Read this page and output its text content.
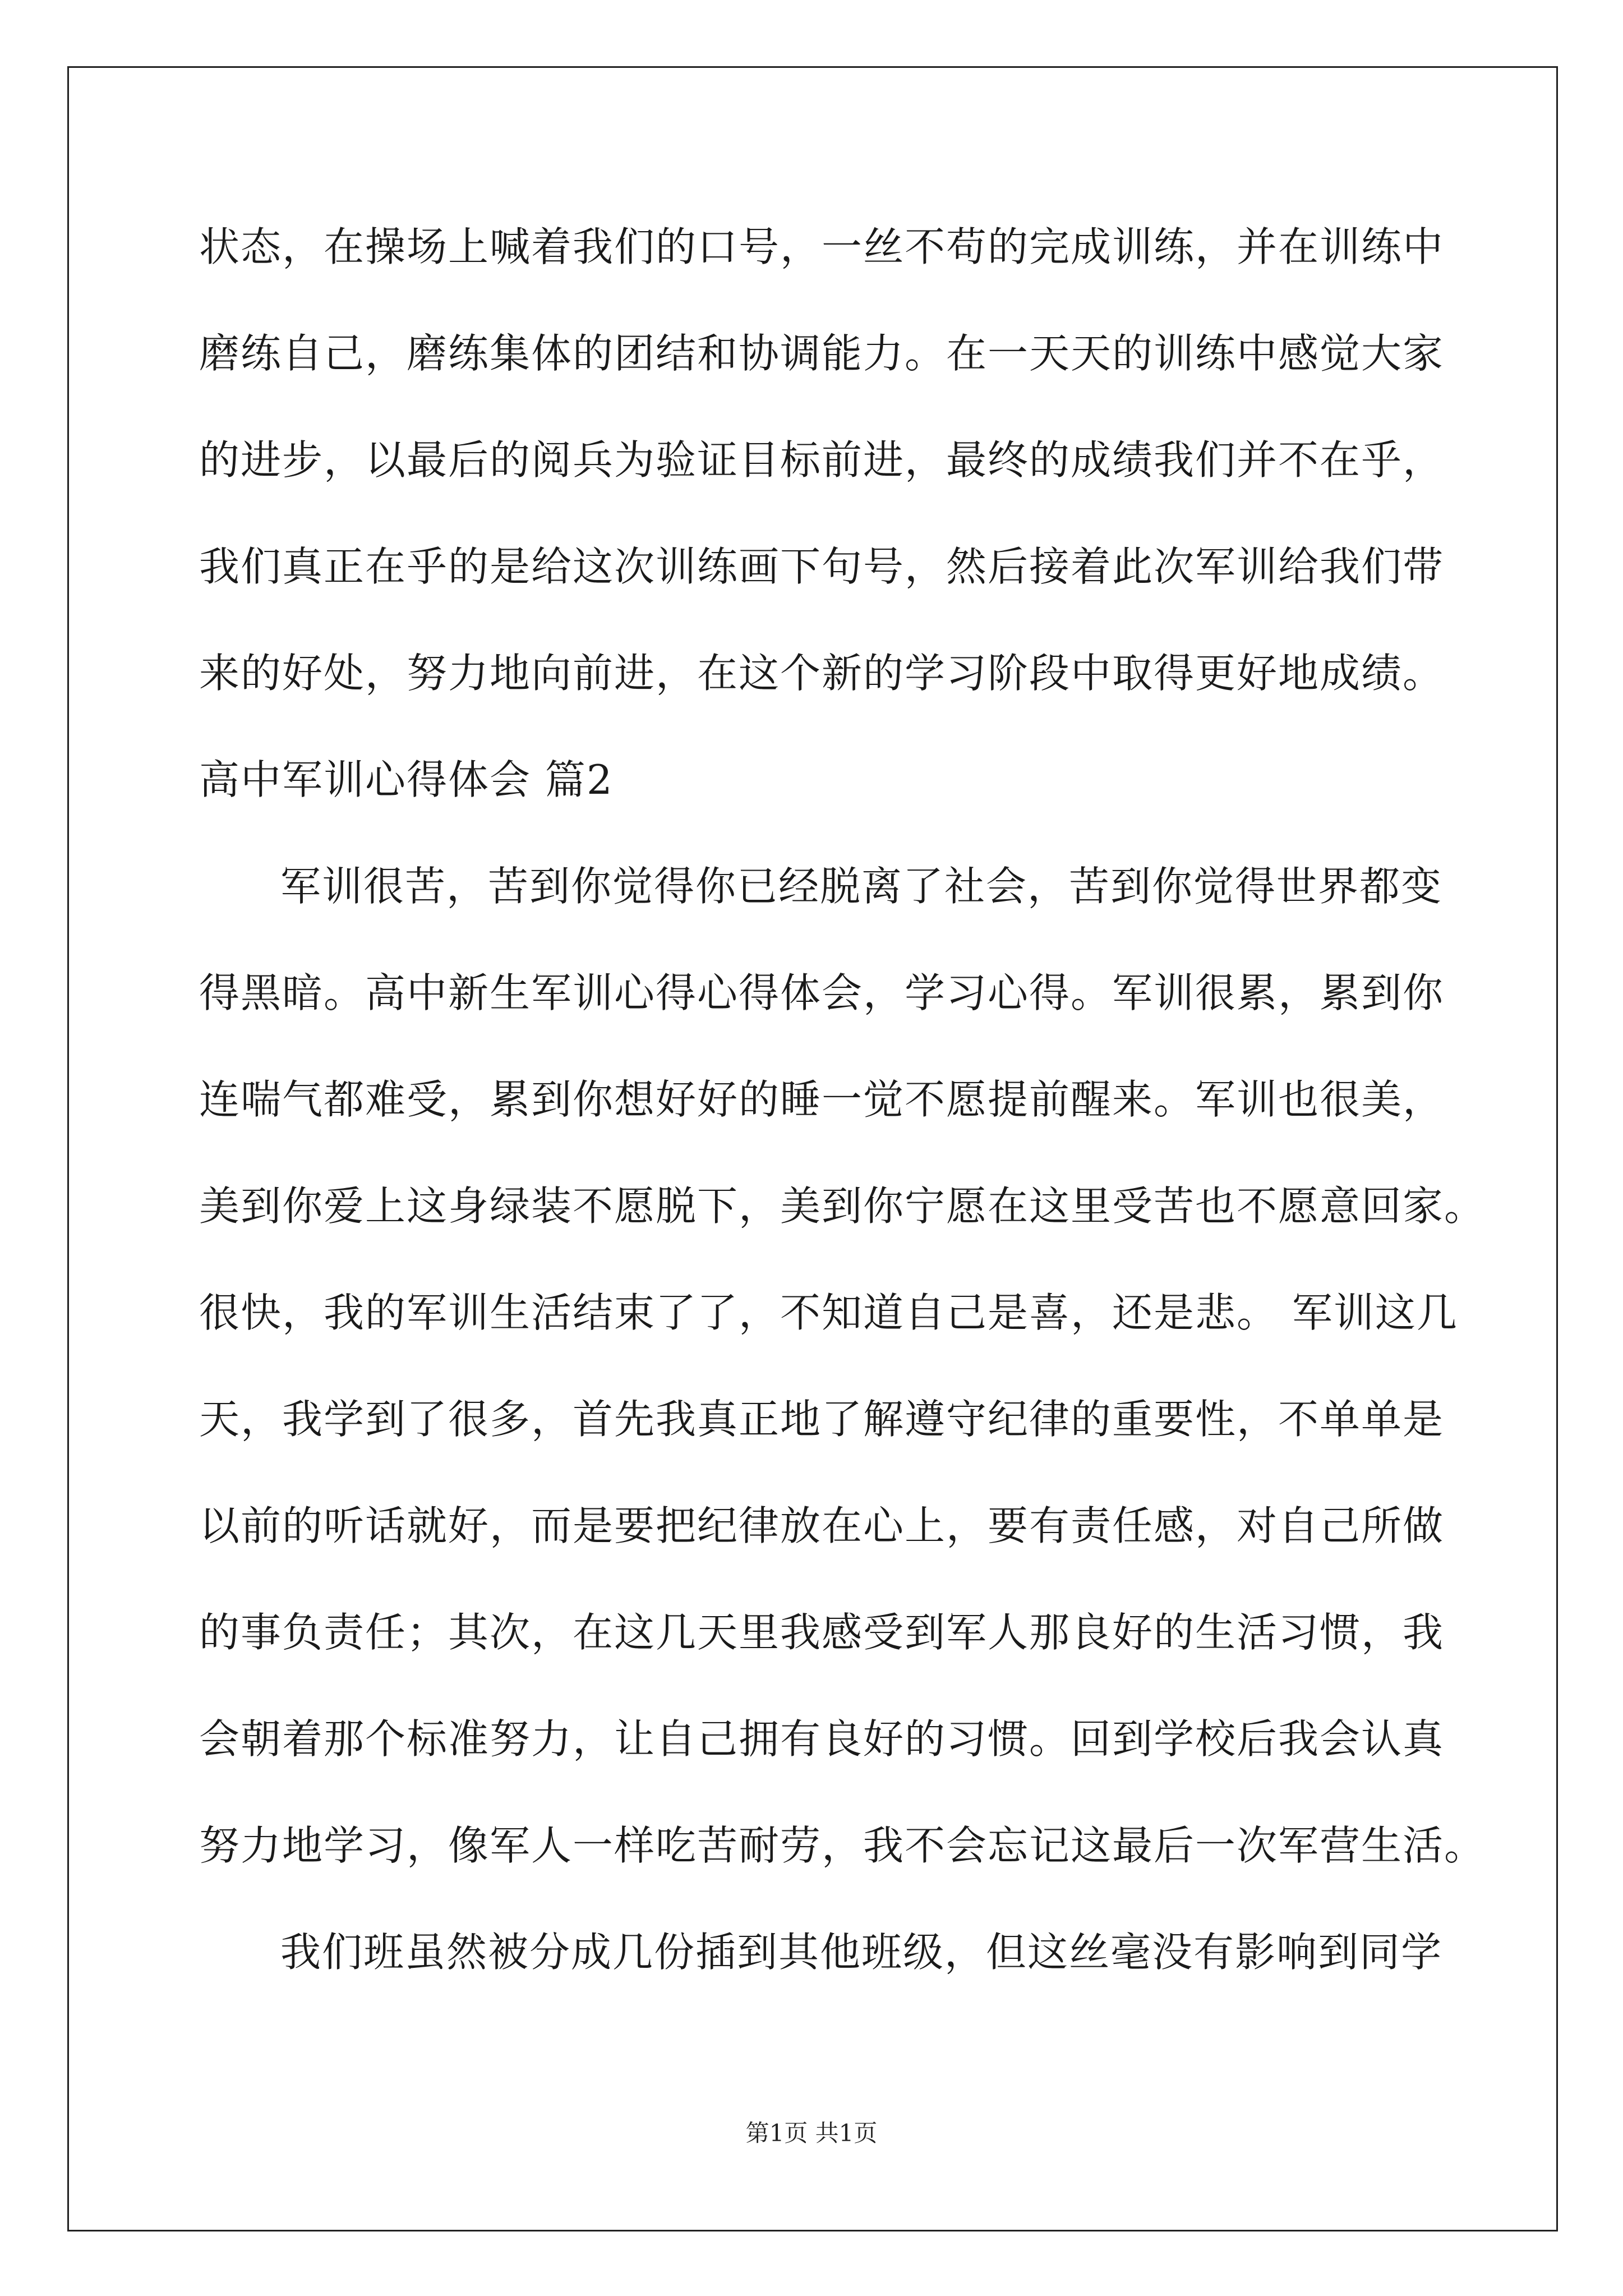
状态，在操场上喊着我们的口号，一丝不苟的完成训练，并在训练中
磨练自己，磨练集体的团结和协调能力。在一天天的训练中感觉大家
的进步，以最后的阅兵为验证目标前进，最终的成绩我们并不在乎，
我们真正在乎的是给这次训练画下句号，然后接着此次军训给我们带
来的好处，努力地向前进，在这个新的学习阶段中取得更好地成绩。
高中军训心得体会 篇2
军训很苦，苦到你觉得你已经脱离了社会，苦到你觉得世界都变
得黑暗。高中新生军训心得心得体会，学习心得。军训很累，累到你
连喘气都难受，累到你想好好的睡一觉不愿提前醒来。军训也很美，
美到你爱上这身绿装不愿脱下，美到你宁愿在这里受苦也不愿意回家。
很快，我的军训生活结束了了，不知道自己是喜，还是悲。 军训这几
天，我学到了很多，首先我真正地了解遵守纪律的重要性，不单单是
以前的听话就好，而是要把纪律放在心上，要有责任感，对自己所做
的事负责任；其次，在这几天里我感受到军人那良好的生活习惯，我
会朝着那个标准努力，让自己拥有良好的习惯。回到学校后我会认真
努力地学习，像军人一样吃苦耐劳，我不会忘记这最后一次军营生活。
我们班虽然被分成几份插到其他班级，但这丝毫没有影响到同学
第1页 共1页
